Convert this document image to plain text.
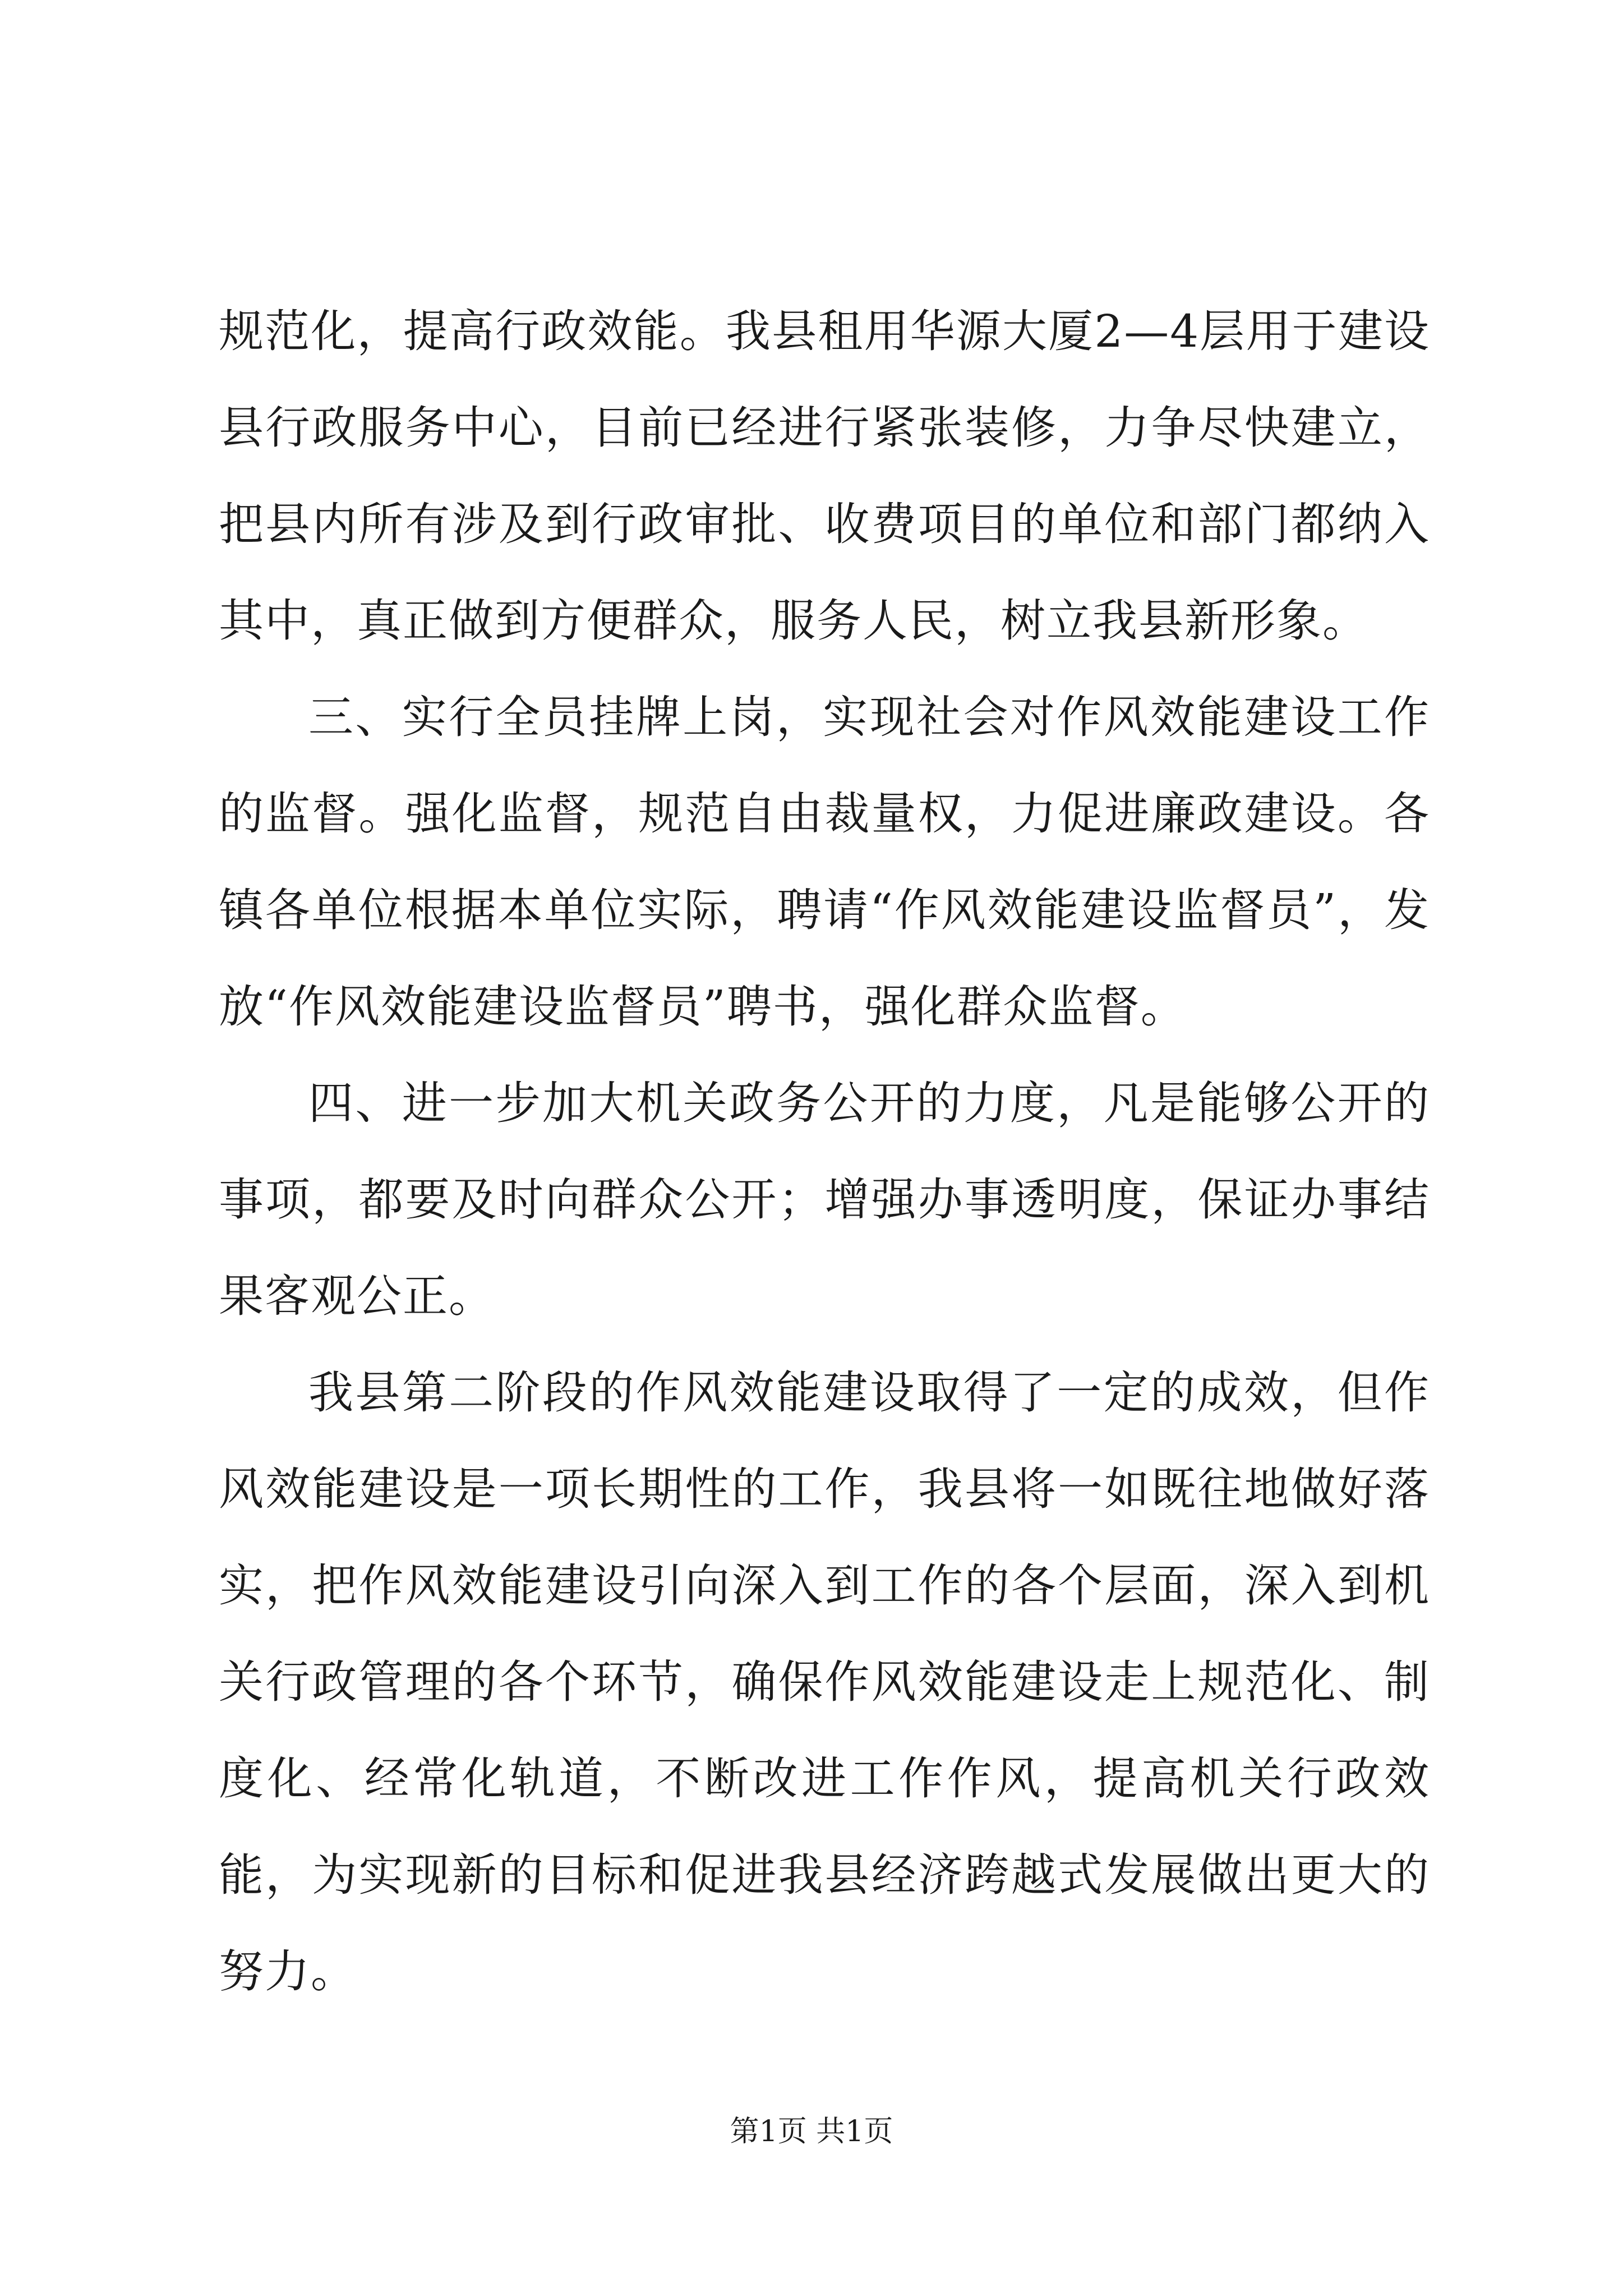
规范化，提高行政效能。我县租用华源大厦2—4层用于建设县行政服务中心，目前已经进行紧张装修，力争尽快建立，把县内所有涉及到行政审批、收费项目的单位和部门都纳入其中，真正做到方便群众，服务人民，树立我县新形象。

三、实行全员挂牌上岗，实现社会对作风效能建设工作的监督。强化监督，规范自由裁量权，力促进廉政建设。各镇各单位根据本单位实际，聘请“作风效能建设监督员”，发放“作风效能建设监督员”聘书，强化群众监督。

四、进一步加大机关政务公开的力度，凡是能够公开的事项，都要及时向群众公开；增强办事透明度，保证办事结果客观公正。

我县第二阶段的作风效能建设取得了一定的成效，但作风效能建设是一项长期性的工作，我县将一如既往地做好落实，把作风效能建设引向深入到工作的各个层面，深入到机关行政管理的各个环节，确保作风效能建设走上规范化、制度化、经常化轨道，不断改进工作作风，提高机关行政效能，为实现新的目标和促进我县经济跨越式发展做出更大的努力。

第1页 共1页
